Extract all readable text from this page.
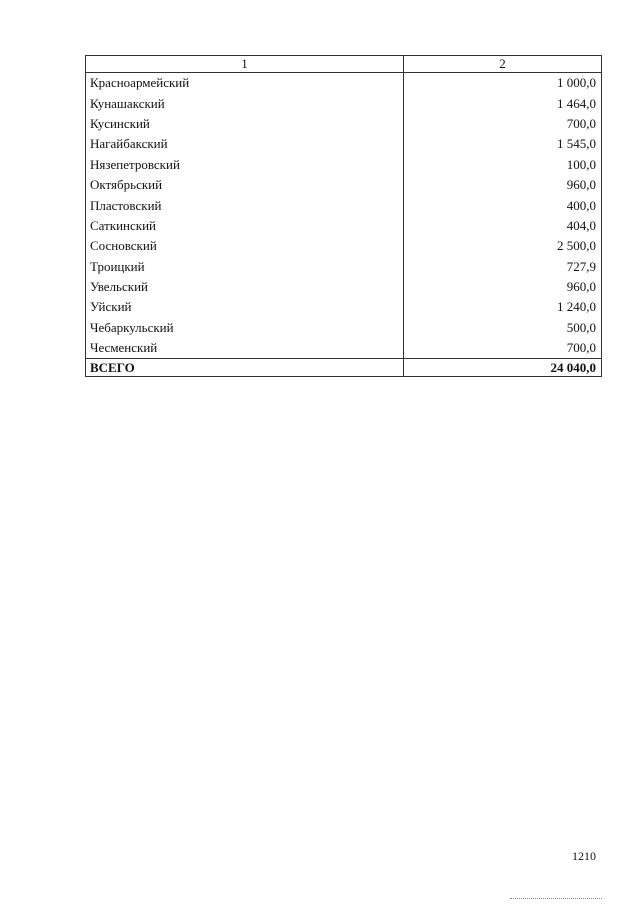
1	2
Красноармейский	1 000,0
Кунашакский	1 464,0
Кусинский	700,0
Нагайбакский	1 545,0
Нязепетровский	100,0
Октябрьский	960,0
Пластовский	400,0
Саткинский	404,0
Сосновский	2 500,0
Троицкий	727,9
Увельский	960,0
Уйский	1 240,0
Чебаркульский	500,0
Чесменский	700,0
ВСЕГО	24 040,0
1210
